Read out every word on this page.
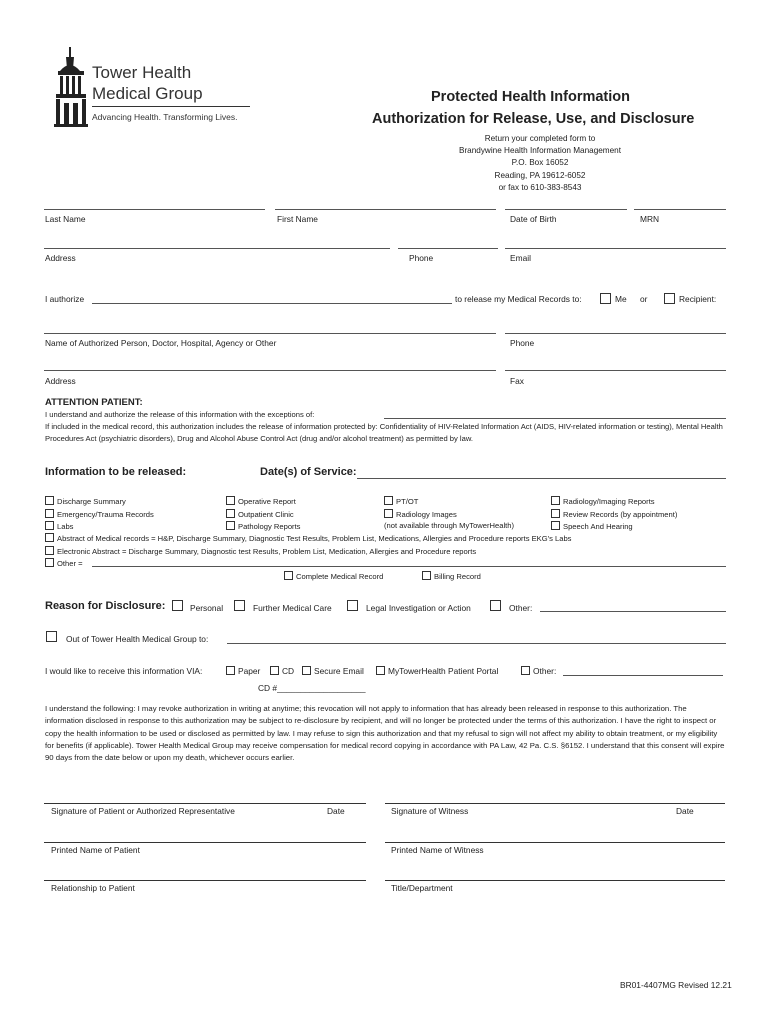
Tower Health
Medical Group
Advancing Health. Transforming Lives.
Protected Health Information
Authorization for Release, Use, and Disclosure
Return your completed form to
Brandywine Health Information Management
P.O. Box 16052
Reading, PA 19612-6052
or fax to 610-383-8543
Last Name	First Name	Date of Birth	MRN
Address	Phone	Email
I authorize	to release my Medical Records to:	Me or	Recipient:
Name of Authorized Person, Doctor, Hospital, Agency or Other	Phone
Address	Fax
ATTENTION PATIENT:
I understand and authorize the release of this information with the exceptions of:
If included in the medical record, this authorization includes the release of information protected by: Confidentiality of HIV-Related Information Act (AIDS, HIV-related information or testing), Mental Health Procedures Act (psychiatric disorders), Drug and Alcohol Abuse Control Act (drug and/or alcohol treatment) as permitted by law.
Information to be released:	Date(s) of Service:
Discharge Summary
Emergency/Trauma Records
Labs
Operative Report
Outpatient Clinic
Pathology Reports
PT/OT
Radiology Images
(not available through MyTowerHealth)
Radiology/Imaging Reports
Review Records (by appointment)
Speech And Hearing
Abstract of Medical records = H&P, Discharge Summary, Diagnostic Test Results, Problem List, Medications, Allergies and Procedure reports EKG's Labs
Electronic Abstract = Discharge Summary, Diagnostic test Results, Problem List, Medication, Allergies and Procedure reports
Other =
Complete Medical Record	Billing Record
Reason for Disclosure:	Personal	Further Medical Care	Legal Investigation or Action	Other:
Out of Tower Health Medical Group to:
I would like to receive this information VIA:	Paper	CD	Secure Email	MyTowerHealth Patient Portal	Other:
CD #___________________
I understand the following: I may revoke authorization in writing at anytime; this revocation will not apply to information that has already been released in response to this authorization. The information disclosed in response to this authorization may be subject to re-disclosure by recipient, and will no longer be protected under the terms of this authorization. I have the right to inspect or copy the health information to be used or disclosed as permitted by law. I may refuse to sign this authorization and that my refusal to sign will not affect my ability to obtain treatment, or my eligibility for benefits (if applicable). Tower Health Medical Group may receive compensation for medical record copying in accordance with PA Law, 42 Pa. C.S. §6152. I understand that this consent will expire 90 days from the date below or upon my death, whichever occurs earlier.
Signature of Patient or Authorized Representative	Date	Signature of Witness	Date
Printed Name of Patient	Printed Name of Witness
Relationship to Patient	Title/Department
BR01-4407MG Revised 12.21
